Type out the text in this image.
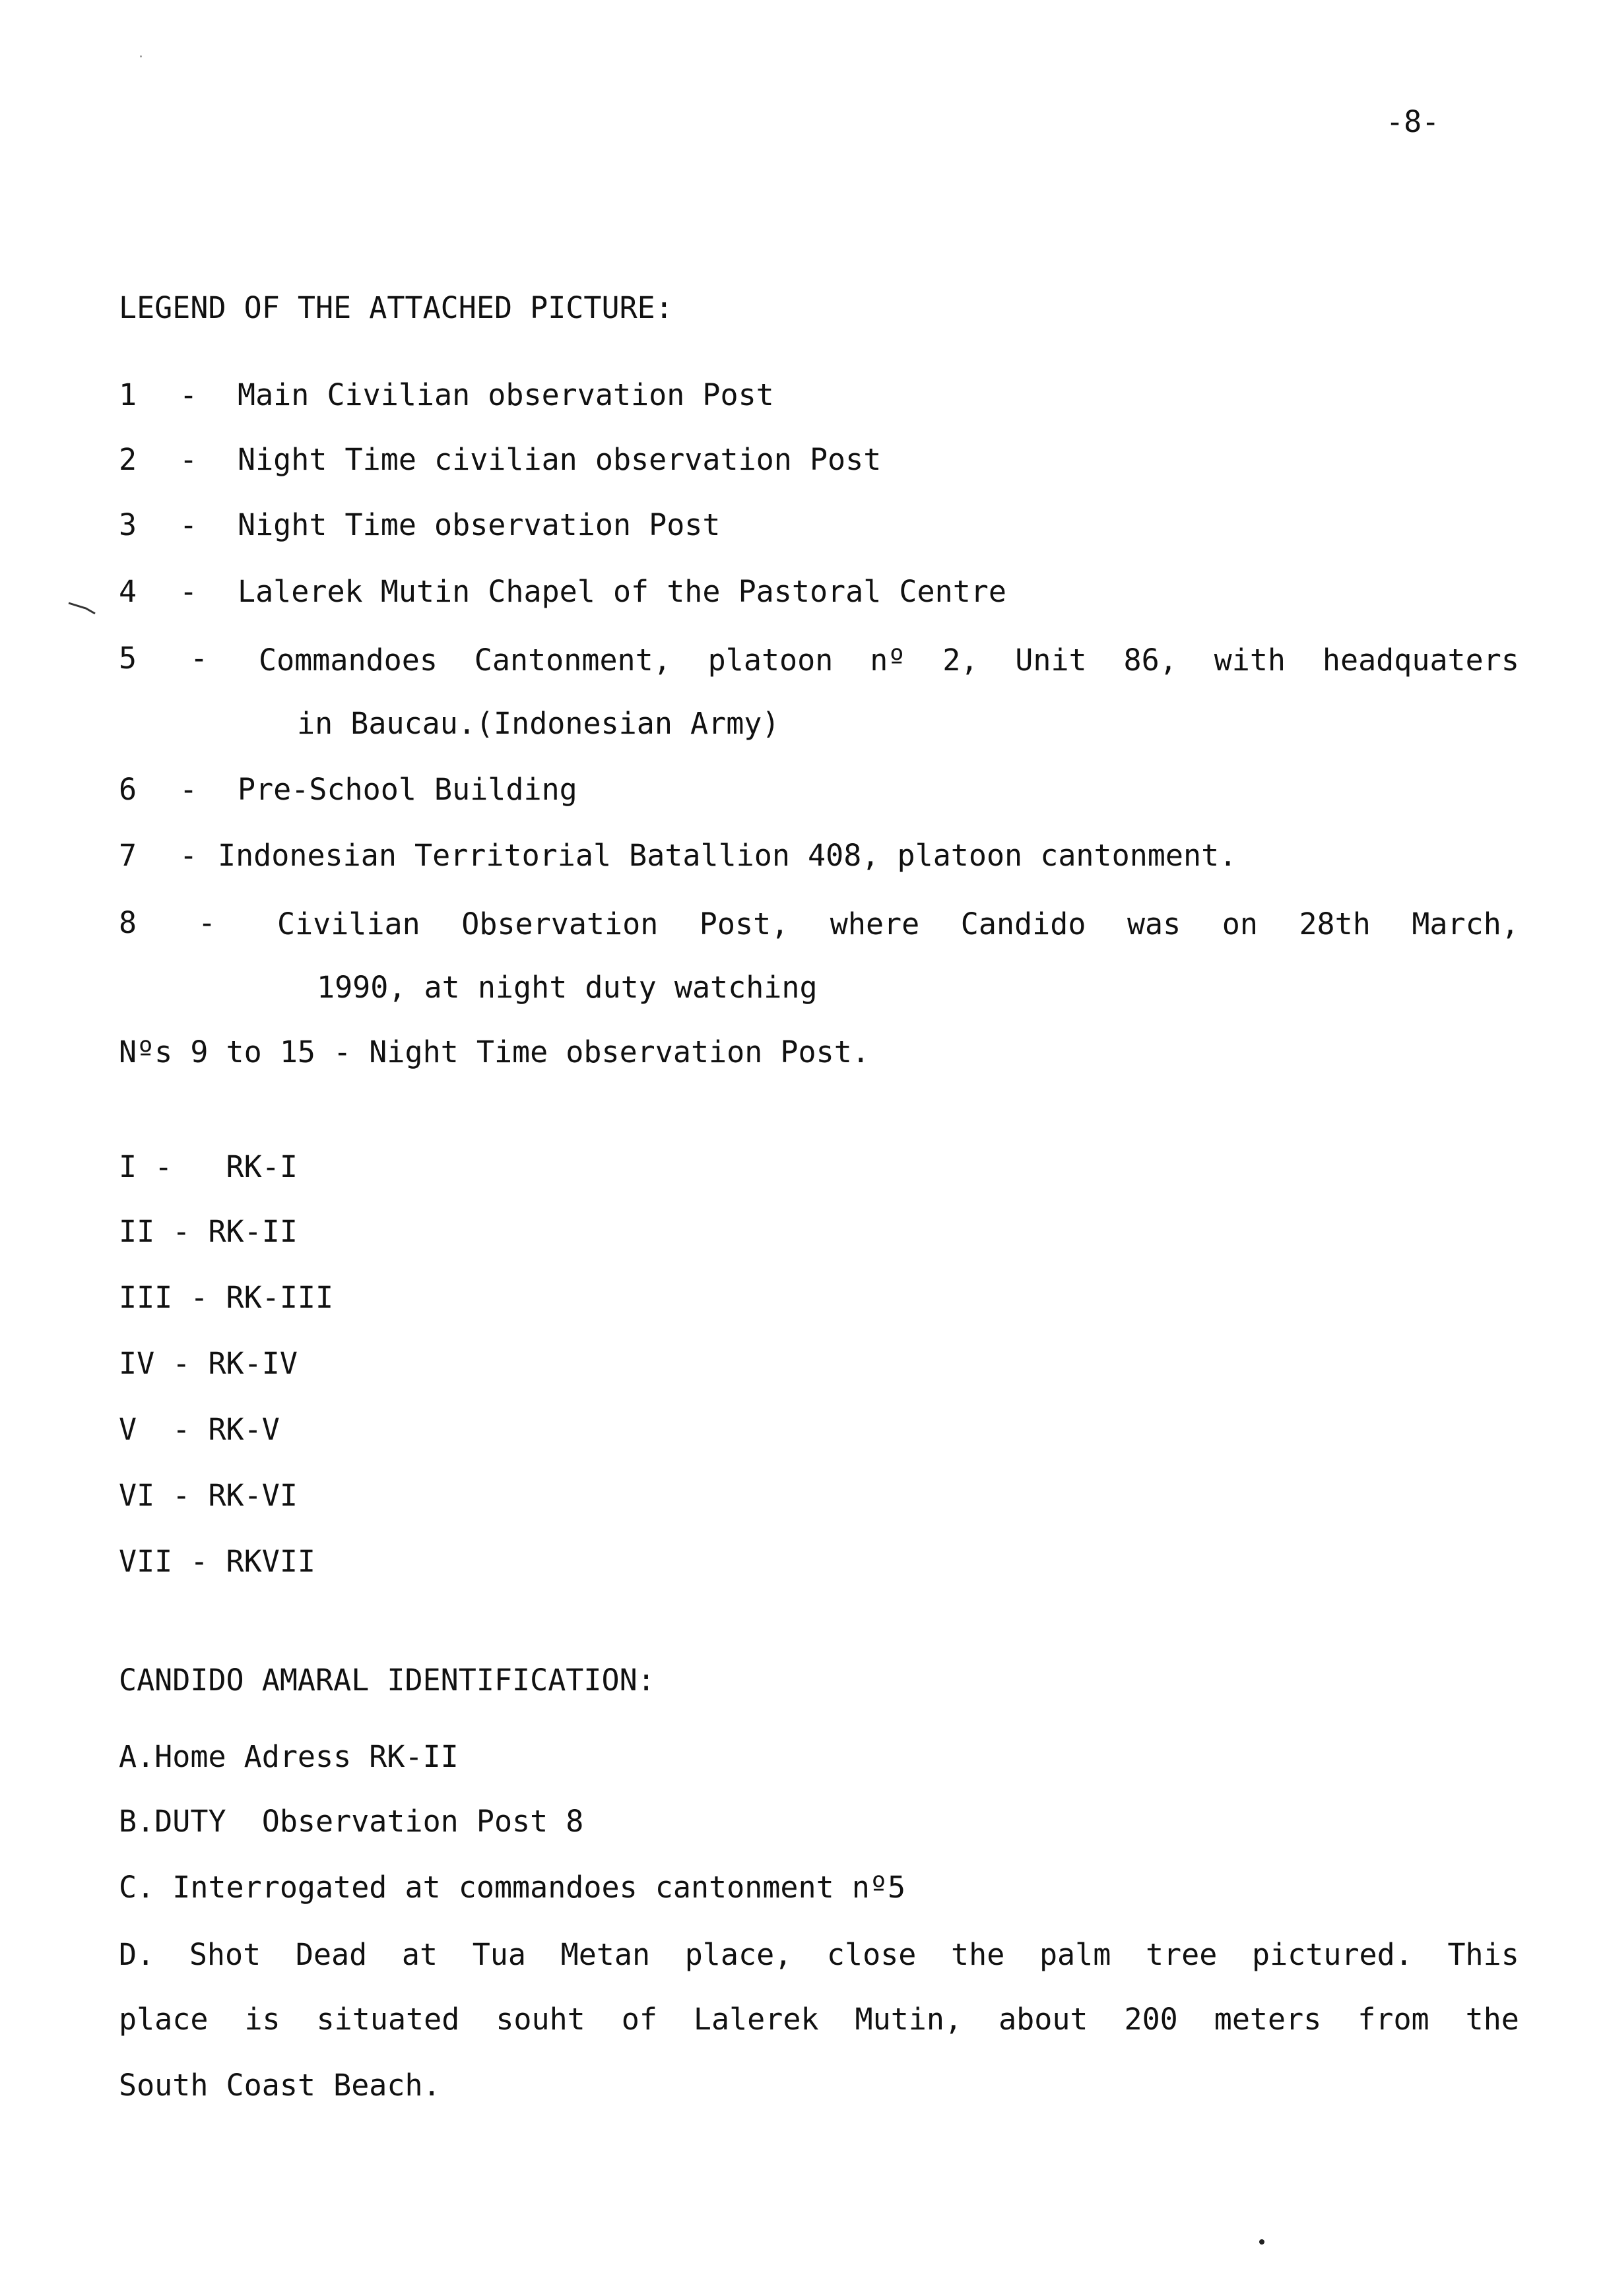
-8-
LEGEND OF THE ATTACHED PICTURE:
1 - Main Civilian observation Post
2 - Night Time civilian observation Post
3 - Night Time observation Post
4 - Lalerek Mutin Chapel of the Pastoral Centre
5 - Commandoes Cantonment, platoon nº 2, Unit 86, with headquaters
in Baucau.(Indonesian Army)
6 - Pre-School Building
7 - Indonesian Territorial Batallion 408, platoon cantonment.
8 - Civilian Observation Post, where Candido was on 28th March,
1990, at night duty watching
Nºs 9 to 15 - Night Time observation Post.
I -   RK-I
II - RK-II
III - RK-III
IV - RK-IV
V  - RK-V
VI - RK-VI
VII - RKVII
CANDIDO AMARAL IDENTIFICATION:
A.Home Adress RK-II
B.DUTY  Observation Post 8
C. Interrogated at commandoes cantonment nº5
D. Shot Dead at Tua Metan place, close the palm tree pictured. This
place is situated souht of Lalerek Mutin, about 200 meters from the
South Coast Beach.
